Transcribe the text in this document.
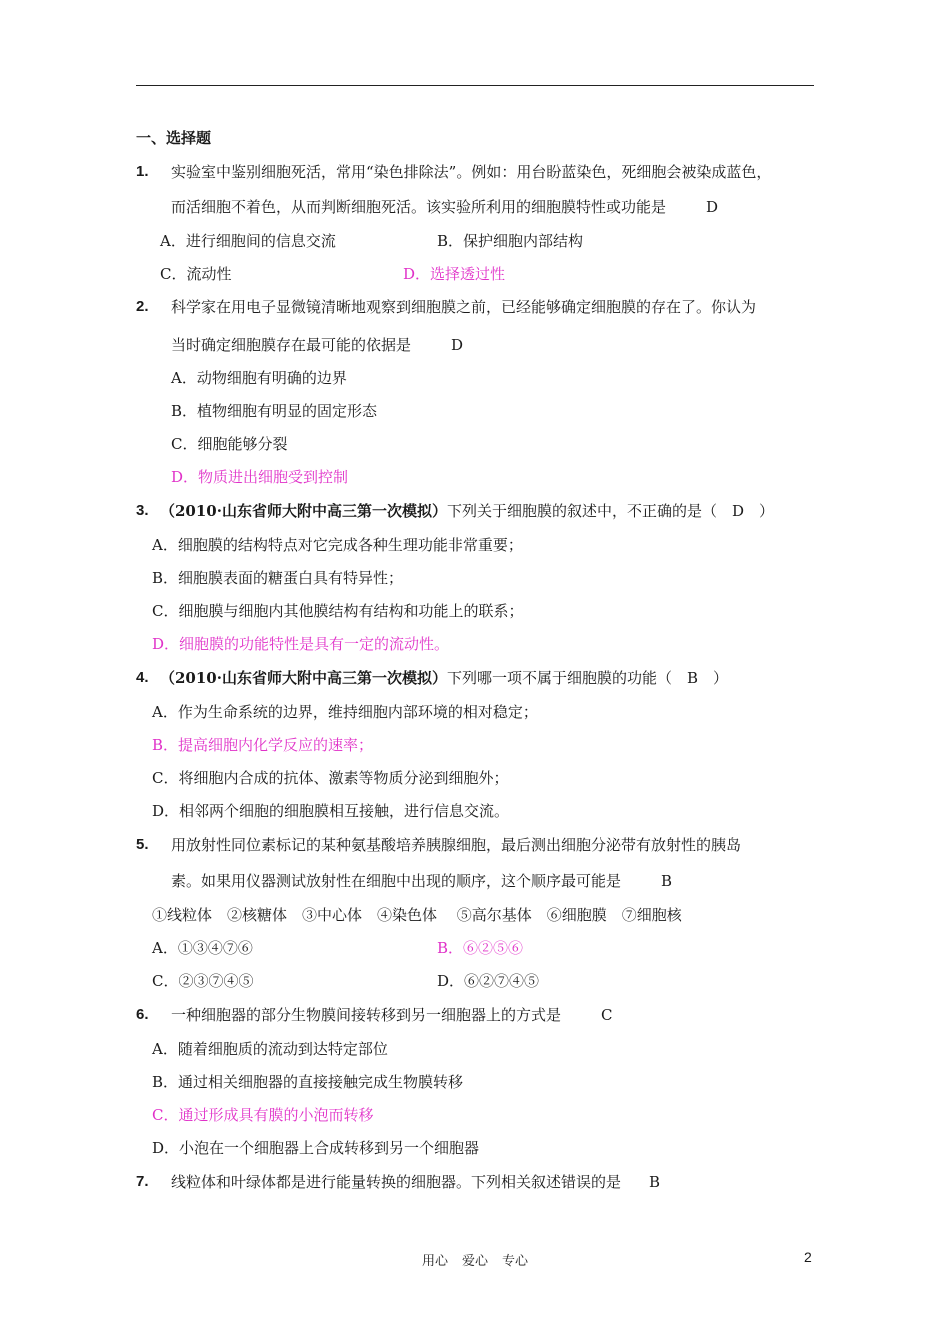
一、选择题
1. 实验室中鉴别细胞死活，常用“染色排除法”。例如：用台盼蓝染色，死细胞会被染成蓝色，
而活细胞不着色，从而判断细胞死活。该实验所利用的细胞膜特性或功能是	D
A．进行细胞间的信息交流	B．保护细胞内部结构
C．流动性	D．选择透过性
2. 科学家在用电子显微镜清晰地观察到细胞膜之前，已经能够确定细胞膜的存在了。你认为
当时确定细胞膜存在最可能的依据是	D
A．动物细胞有明确的边界
B．植物细胞有明显的固定形态
C．细胞能够分裂
D．物质进出细胞受到控制
3. （2010·山东省师大附中高三第一次模拟）下列关于细胞膜的叙述中，不正确的是（　D　）
A．细胞膜的结构特点对它完成各种生理功能非常重要；
B．细胞膜表面的糖蛋白具有特异性；
C．细胞膜与细胞内其他膜结构有结构和功能上的联系；
D．细胞膜的功能特性是具有一定的流动性。
4. （2010·山东省师大附中高三第一次模拟）下列哪一项不属于细胞膜的功能（　B　）
A．作为生命系统的边界，维持细胞内部环境的相对稳定；
B．提高细胞内化学反应的速率；
C．将细胞内合成的抗体、激素等物质分泌到细胞外；
D．相邻两个细胞的细胞膜相互接触，进行信息交流。
5. 用放射性同位素标记的某种氨基酸培养胰腺细胞，最后测出细胞分泌带有放射性的胰岛
素。如果用仪器测试放射性在细胞中出现的顺序，这个顺序最可能是	B
①线粒体　②核糖体　③中心体　④染色体　 ⑤高尔基体　⑥细胞膜　⑦细胞核
A．①③④⑦⑥	B．⑥②⑤⑥
C．②③⑦④⑤	D．⑥②⑦④⑤
6. 一种细胞器的部分生物膜间接转移到另一细胞器上的方式是	C
A．随着细胞质的流动到达特定部位
B．通过相关细胞器的直接接触完成生物膜转移
C．通过形成具有膜的小泡而转移
D．小泡在一个细胞器上合成转移到另一个细胞器
7. 线粒体和叶绿体都是进行能量转换的细胞器。下列相关叙述错误的是 B
用心 爱心 专心	2
